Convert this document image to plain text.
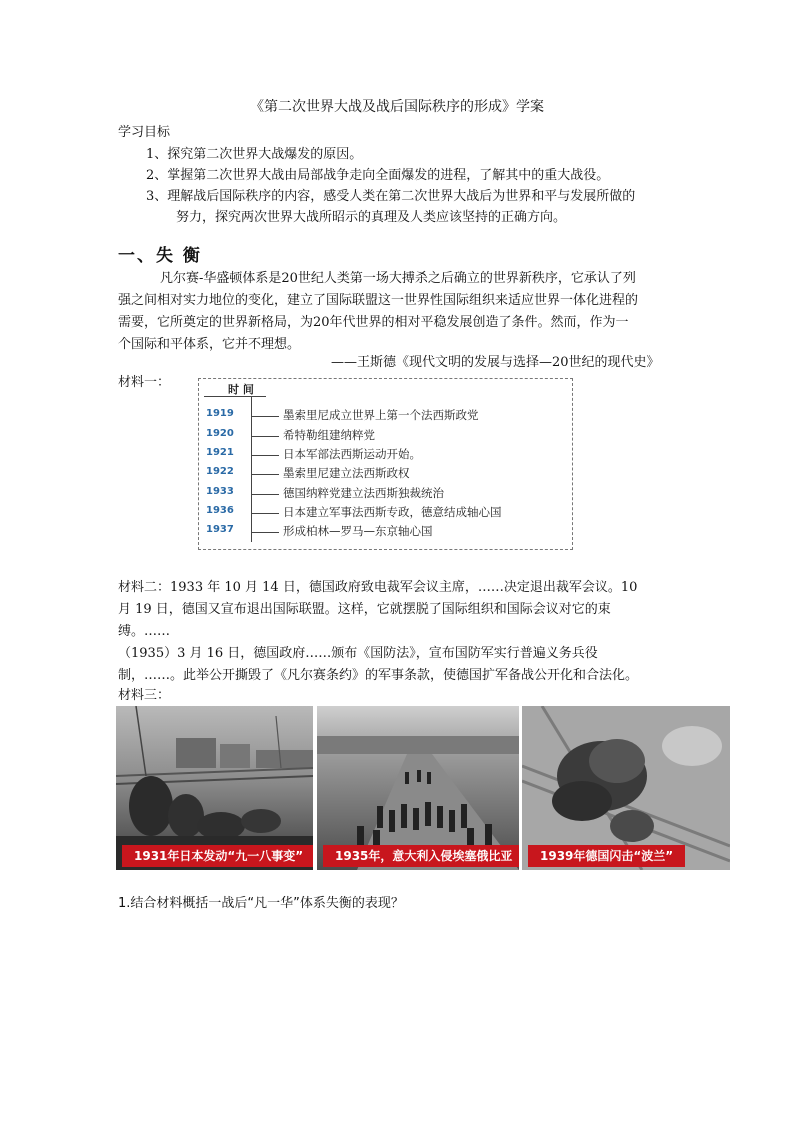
《第二次世界大战及战后国际秩序的形成》学案
学习目标
1、探究第二次世界大战爆发的原因。
2、掌握第二次世界大战由局部战争走向全面爆发的进程，了解其中的重大战役。
3、理解战后国际秩序的内容，感受人类在第二次世界大战后为世界和平与发展所做的
努力，探究两次世界大战所昭示的真理及人类应该坚持的正确方向。
一、失 衡
凡尔赛-华盛顿体系是20世纪人类第一场大搏杀之后确立的世界新秩序，它承认了列
强之间相对实力地位的变化，建立了国际联盟这一世界性国际组织来适应世界一体化进程的
需要，它所奠定的世界新格局，为20年代世界的相对平稳发展创造了条件。然而，作为一
个国际和平体系，它并不理想。
——王斯德《现代文明的发展与选择—20世纪的现代史》
材料一：	时 间
1919	墨索里尼成立世界上第一个法西斯政党
1920	希特勒组建纳粹党
1921	日本军部法西斯运动开始。
1922	墨索里尼建立法西斯政权
1933	德国纳粹党建立法西斯独裁统治
1936	日本建立军事法西斯专政，德意结成轴心国
1937	形成柏林—罗马—东京轴心国
材料二：1933 年 10 月 14 日，德国政府致电裁军会议主席，……决定退出裁军会议。10
月 19 日，德国又宣布退出国际联盟。这样，它就摆脱了国际组织和国际会议对它的束
缚。……
（1935）3 月 16 日，德国政府……颁布《国防法》，宣布国防军实行普遍义务兵役
制，……。此举公开撕毁了《凡尔赛条约》的军事条款，使德国扩军备战公开化和合法化。
材料三：
1931年日本发动“九一八事变”	1935年，意大利入侵埃塞俄比亚	1939年德国闪击“波兰”
1.结合材料概括一战后“凡一华”体系失衡的表现？
